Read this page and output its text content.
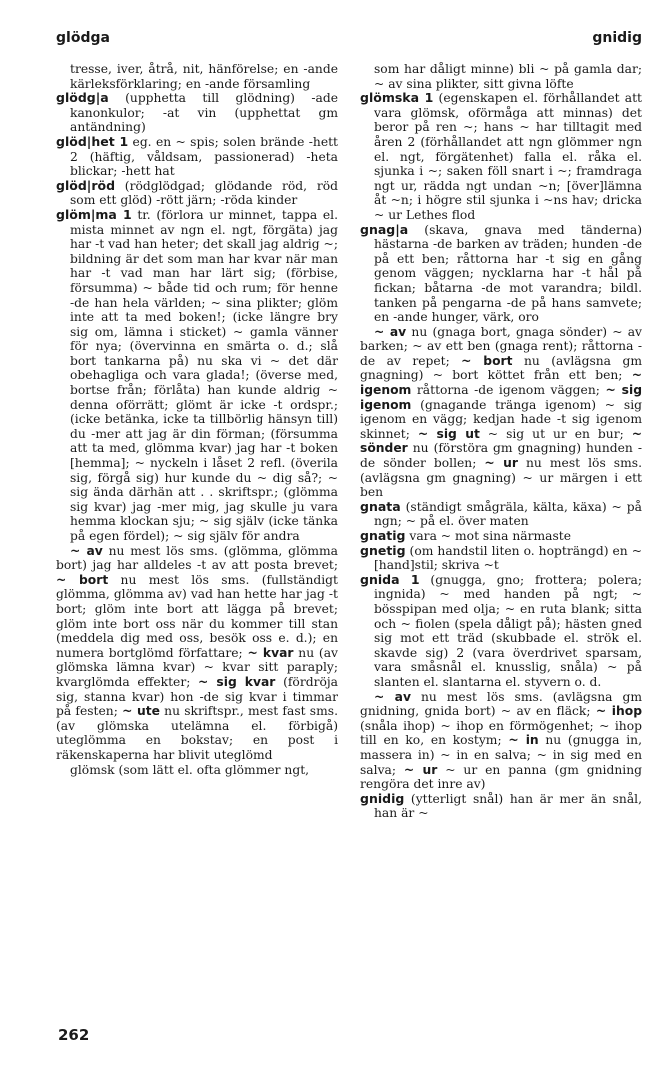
glödga	gnidig

tresse, iver, åtrå, nit, hänförelse; en -ande kärleksförklaring; en -ande församling

glödg|a (upphetta till glödning) -ade kanonkulor; -at vin (upphettat gm antändning)

glöd|het 1 eg. en ~ spis; solen brände -hett 2 (häftig, våldsam, passionerad) -heta blickar; -hett hat

glöd|röd (rödglödgad; glödande röd, röd som ett glöd) -rött järn; -röda kinder

glöm|ma 1 tr. (förlora ur minnet, tappa el. mista minnet av ngn el. ngt, förgäta) jag har -t vad han heter; det skall jag aldrig ~; bildning är det som man har kvar när man har -t vad man har lärt sig; (förbise, försumma) ~ både tid och rum; för henne -de han hela världen; ~ sina plikter; glöm inte att ta med boken!; (icke längre bry sig om, lämna i sticket) ~ gamla vänner för nya; (övervinna en smärta o. d.; slå bort tankarna på) nu ska vi ~ det där obehagliga och vara glada!; (överse med, bortse från; förlåta) han kunde aldrig ~ denna oförrätt; glömt är icke -t ordspr.; (icke betänka, icke ta tillbörlig hänsyn till) du -mer att jag är din förman; (försumma att ta med, glömma kvar) jag har -t boken [hemma]; ~ nyckeln i låset 2 refl. (överila sig, förgå sig) hur kunde du ~ dig så?; ~ sig ända därhän att . . skriftspr.; (glömma sig kvar) jag -mer mig, jag skulle ju vara hemma klockan sju; ~ sig själv (icke tänka på egen fördel); ~ sig själv för andra

~ av nu mest lös sms. (glömma, glömma bort) jag har alldeles -t av att posta brevet; ~ bort nu mest lös sms. (fullständigt glömma, glömma av) vad han hette har jag -t bort; glöm inte bort att lägga på brevet; glöm inte bort oss när du kommer till stan (meddela dig med oss, besök oss e. d.); en numera bortglömd författare; ~ kvar nu (av glömska lämna kvar) ~ kvar sitt paraply; kvarglömda effekter; ~ sig kvar (fördröja sig, stanna kvar) hon -de sig kvar i timmar på festen; ~ ute nu skriftspr., mest fast sms. (av glömska utelämna el. förbigå) uteglömma en bokstav; en post i räkenskaperna har blivit uteglömd

glömsk (som lätt el. ofta glömmer ngt,

som har dåligt minne) bli ~ på gamla dar; ~ av sina plikter, sitt givna löfte

glömska 1 (egenskapen el. förhållandet att vara glömsk, oförmåga att minnas) det beror på ren ~; hans ~ har tilltagit med åren 2 (förhållandet att ngn glömmer ngn el. ngt, förgätenhet) falla el. råka el. sjunka i ~; saken föll snart i ~; framdraga ngt ur, rädda ngt undan ~n; [över]lämna åt ~n; i högre stil sjunka i ~ns hav; dricka ~ ur Lethes flod

gnag|a (skava, gnava med tänderna) hästarna -de barken av träden; hunden -de på ett ben; råttorna har -t sig en gång genom väggen; nycklarna har -t hål på fickan; båtarna -de mot varandra; bildl. tanken på pengarna -de på hans samvete; en -ande hunger, värk, oro

~ av nu (gnaga bort, gnaga sönder) ~ av barken; ~ av ett ben (gnaga rent); råttorna -de av repet; ~ bort nu (avlägsna gm gnagning) ~ bort köttet från ett ben; ~ igenom råttorna -de igenom väggen; ~ sig igenom (gnagande tränga igenom) ~ sig igenom en vägg; kedjan hade -t sig igenom skinnet; ~ sig ut ~ sig ut ur en bur; ~ sönder nu (förstöra gm gnagning) hunden -de sönder bollen; ~ ur nu mest lös sms. (avlägsna gm gnagning) ~ ur märgen i ett ben

gnata (ständigt smågräla, kälta, käxa) ~ på ngn; ~ på el. över maten

gnatig vara ~ mot sina närmaste

gnetig (om handstil liten o. hopträngd) en ~ [hand]stil; skriva ~t

gnida 1 (gnugga, gno; frottera; polera; ingnida) ~ med handen på ngt; ~ bösspipan med olja; ~ en ruta blank; sitta och ~ fiolen (spela dåligt på); hästen gned sig mot ett träd (skubbade el. strök el. skavde sig) 2 (vara överdrivet sparsam, vara småsnål el. knusslig, snåla) ~ på slanten el. slantarna el. styvern o. d.

~ av nu mest lös sms. (avlägsna gm gnidning, gnida bort) ~ av en fläck; ~ ihop (snåla ihop) ~ ihop en förmögenhet; ~ ihop till en ko, en kostym; ~ in nu (gnugga in, massera in) ~ in en salva; ~ in sig med en salva; ~ ur ~ ur en panna (gm gnidning rengöra det inre av)

gnidig (ytterligt snål) han är mer än snål, han är ~

262
